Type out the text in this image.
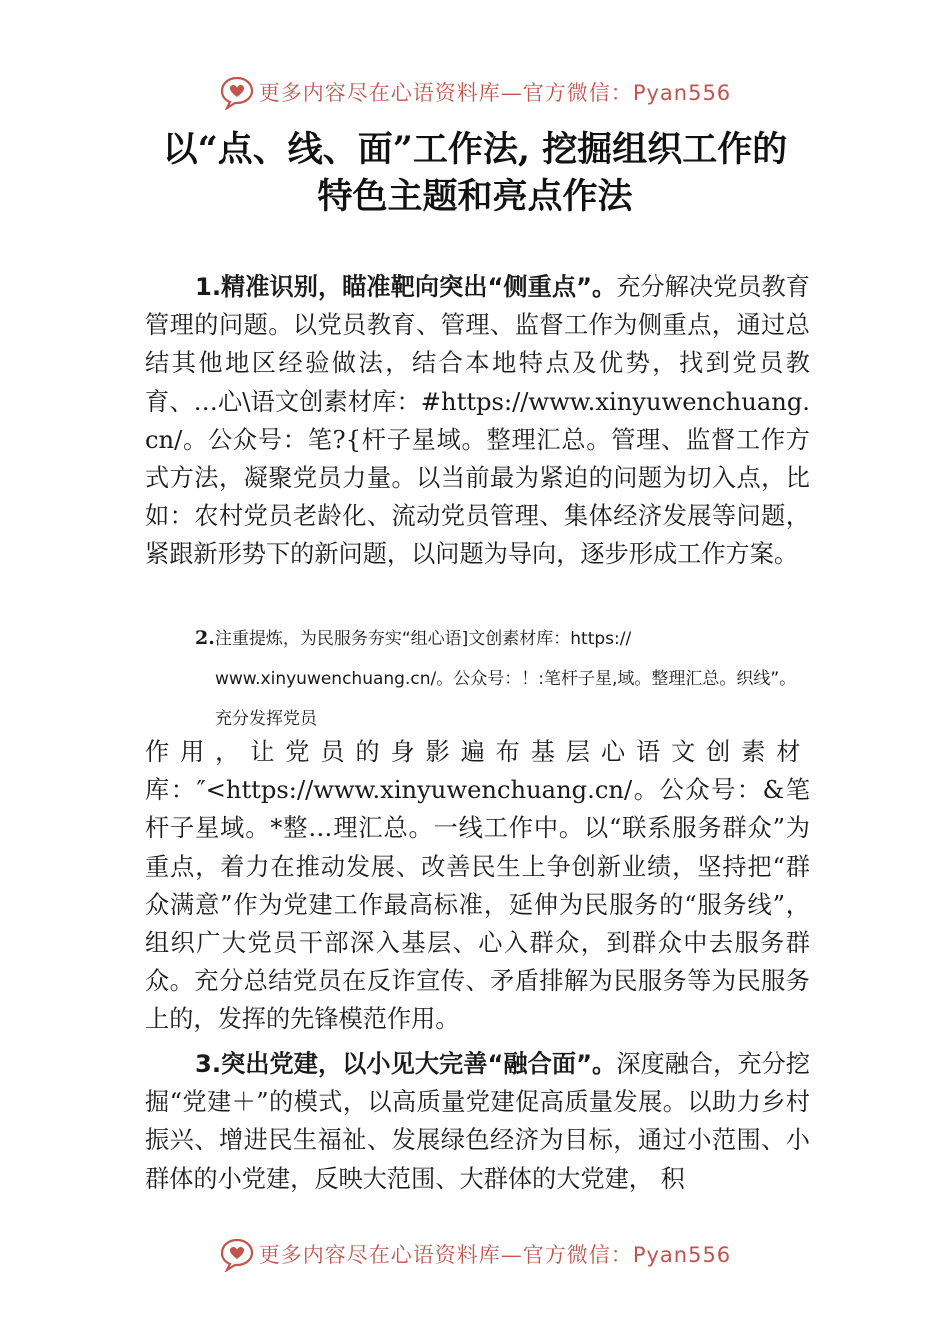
更多内容尽在心语资料库—官方微信：Pyan556
以“点、线、面”工作法, 挖掘组织工作的
特色主题和亮点作法
1.精准识别，瞄准靶向突出“侧重点”。充分解决党员教育管理的问题。以党员教育、管理、监督工作为侧重点，通过总结其他地区经验做法，结合本地特点及优势，找到党员教育、…心\语文创素材库：#https://www.xinyuwenchuang.cn/。公众号：笔?{杆子星域。整理汇总。管理、监督工作方式方法，凝聚党员力量。以当前最为紧迫的问题为切入点，比如：农村党员老龄化、流动党员管理、集体经济发展等问题，紧跟新形势下的新问题，以问题为导向，逐步形成工作方案。
2.注重提炼，为民服务夯实“组心语]文创素材库：https://
www.xinyuwenchuang.cn/。公众号：！:笔杆子星,域。整理汇总。织线”。
充分发挥党员
作用，让党员的身影遍布基层心语文创素材库：″<https://www.xinyuwenchuang.cn/。公众号：&笔杆子星域。*整…理汇总。一线工作中。以“联系服务群众”为重点，着力在推动发展、改善民生上争创新业绩，坚持把“群众满意”作为党建工作最高标准，延伸为民服务的“服务线”，组织广大党员干部深入基层、心入群众，到群众中去服务群众。充分总结党员在反诈宣传、矛盾排解为民服务等为民服务上的，发挥的先锋模范作用。
3.突出党建，以小见大完善“融合面”。深度融合，充分挖掘“党建＋”的模式，以高质量党建促高质量发展。以助力乡村振兴、增进民生福祉、发展绿色经济为目标，通过小范围、小群体的小党建，反映大范围、大群体的大党建， 积
更多内容尽在心语资料库—官方微信：Pyan556
